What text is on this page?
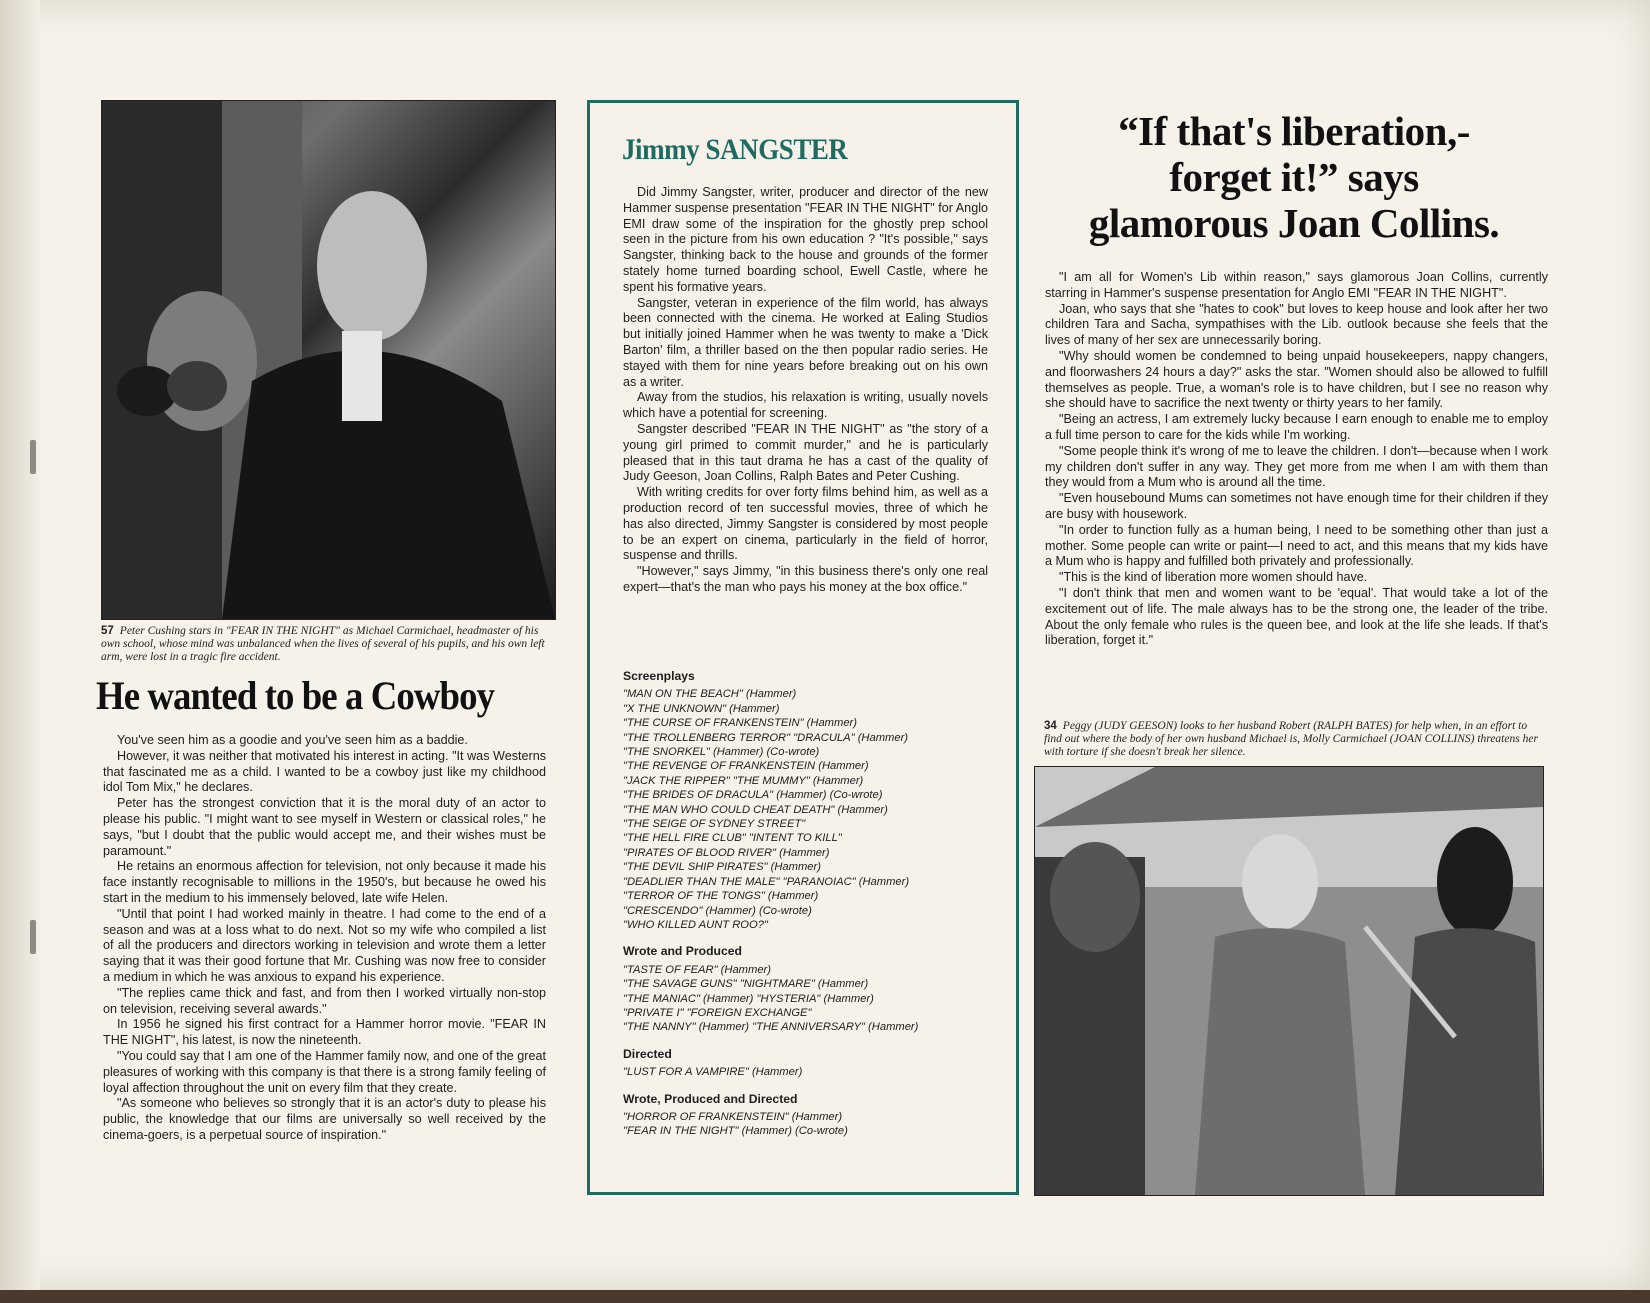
57 Peter Cushing stars in "FEAR IN THE NIGHT" as Michael Carmichael, headmaster of his own school, whose mind was unbalanced when the lives of several of his pupils, and his own left arm, were lost in a tragic fire accident.
He wanted to be a Cowboy

You've seen him as a goodie and you've seen him as a baddie.

However, it was neither that motivated his interest in acting. "It was Westerns that fascinated me as a child. I wanted to be a cowboy just like my childhood idol Tom Mix," he declares.

Peter has the strongest conviction that it is the moral duty of an actor to please his public. "I might want to see myself in Western or classical roles," he says, "but I doubt that the public would accept me, and their wishes must be paramount."

He retains an enormous affection for television, not only because it made his face instantly recognisable to millions in the 1950's, but because he owed his start in the medium to his immensely beloved, late wife Helen.

"Until that point I had worked mainly in theatre. I had come to the end of a season and was at a loss what to do next. Not so my wife who compiled a list of all the producers and directors working in television and wrote them a letter saying that it was their good fortune that Mr. Cushing was now free to consider a medium in which he was anxious to expand his experience.

"The replies came thick and fast, and from then I worked virtually non-stop on television, receiving several awards."

In 1956 he signed his first contract for a Hammer horror movie. "FEAR IN THE NIGHT", his latest, is now the nineteenth.

"You could say that I am one of the Hammer family now, and one of the great pleasures of working with this company is that there is a strong family feeling of loyal affection throughout the unit on every film that they create.

"As someone who believes so strongly that it is an actor's duty to please his public, the knowledge that our films are universally so well received by the cinema-goers, is a perpetual source of inspiration."

Jimmy SANGSTER

Did Jimmy Sangster, writer, producer and director of the new Hammer suspense presentation "FEAR IN THE NIGHT" for Anglo EMI draw some of the inspiration for the ghostly prep school seen in the picture from his own education ? "It's possible," says Sangster, thinking back to the house and grounds of the former stately home turned boarding school, Ewell Castle, where he spent his formative years.

Sangster, veteran in experience of the film world, has always been connected with the cinema. He worked at Ealing Studios but initially joined Hammer when he was twenty to make a 'Dick Barton' film, a thriller based on the then popular radio series. He stayed with them for nine years before breaking out on his own as a writer.

Away from the studios, his relaxation is writing, usually novels which have a potential for screening.

Sangster described "FEAR IN THE NIGHT" as "the story of a young girl primed to commit murder," and he is particularly pleased that in this taut drama he has a cast of the quality of Judy Geeson, Joan Collins, Ralph Bates and Peter Cushing.

With writing credits for over forty films behind him, as well as a production record of ten successful movies, three of which he has also directed, Jimmy Sangster is considered by most people to be an expert on cinema, particularly in the field of horror, suspense and thrills.

"However," says Jimmy, "in this business there's only one real expert—that's the man who pays his money at the box office."

Screenplays
"MAN ON THE BEACH" (Hammer)
"X THE UNKNOWN" (Hammer)
"THE CURSE OF FRANKENSTEIN" (Hammer)
"THE TROLLENBERG TERROR" "DRACULA" (Hammer)
"THE SNORKEL" (Hammer) (Co-wrote)
"THE REVENGE OF FRANKENSTEIN (Hammer)
"JACK THE RIPPER" "THE MUMMY" (Hammer)
"THE BRIDES OF DRACULA" (Hammer) (Co-wrote)
"THE MAN WHO COULD CHEAT DEATH" (Hammer)
"THE SEIGE OF SYDNEY STREET"
"THE HELL FIRE CLUB" "INTENT TO KILL"
"PIRATES OF BLOOD RIVER" (Hammer)
"THE DEVIL SHIP PIRATES" (Hammer)
"DEADLIER THAN THE MALE" "PARANOIAC" (Hammer)
"TERROR OF THE TONGS" (Hammer)
"CRESCENDO" (Hammer) (Co-wrote)
"WHO KILLED AUNT ROO?"
Wrote and Produced
"TASTE OF FEAR" (Hammer)
"THE SAVAGE GUNS" "NIGHTMARE" (Hammer)
"THE MANIAC" (Hammer) "HYSTERIA" (Hammer)
"PRIVATE I" "FOREIGN EXCHANGE"
"THE NANNY" (Hammer) "THE ANNIVERSARY" (Hammer)
Directed
"LUST FOR A VAMPIRE" (Hammer)
Wrote, Produced and Directed
"HORROR OF FRANKENSTEIN" (Hammer)
"FEAR IN THE NIGHT" (Hammer) (Co-wrote)
“If that's liberation,-
forget it!” says
glamorous Joan Collins.

"I am all for Women's Lib within reason," says glamorous Joan Collins, currently starring in Hammer's suspense presentation for Anglo EMI "FEAR IN THE NIGHT".

Joan, who says that she "hates to cook" but loves to keep house and look after her two children Tara and Sacha, sympathises with the Lib. outlook because she feels that the lives of many of her sex are unnecessarily boring.

"Why should women be condemned to being unpaid housekeepers, nappy changers, and floorwashers 24 hours a day?" asks the star. "Women should also be allowed to fulfill themselves as people. True, a woman's role is to have children, but I see no reason why she should have to sacrifice the next twenty or thirty years to her family.

"Being an actress, I am extremely lucky because I earn enough to enable me to employ a full time person to care for the kids while I'm working.

"Some people think it's wrong of me to leave the children. I don't—because when I work my children don't suffer in any way. They get more from me when I am with them than they would from a Mum who is around all the time.

"Even housebound Mums can sometimes not have enough time for their children if they are busy with housework.

"In order to function fully as a human being, I need to be something other than just a mother. Some people can write or paint—I need to act, and this means that my kids have a Mum who is happy and fulfilled both privately and professionally.

"This is the kind of liberation more women should have.

"I don't think that men and women want to be 'equal'. That would take a lot of the excitement out of life. The male always has to be the strong one, the leader of the tribe. About the only female who rules is the queen bee, and look at the life she leads. If that's liberation, forget it."

34 Peggy (JUDY GEESON) looks to her husband Robert (RALPH BATES) for help when, in an effort to find out where the body of her own husband Michael is, Molly Carmichael (JOAN COLLINS) threatens her with torture if she doesn't break her silence.
